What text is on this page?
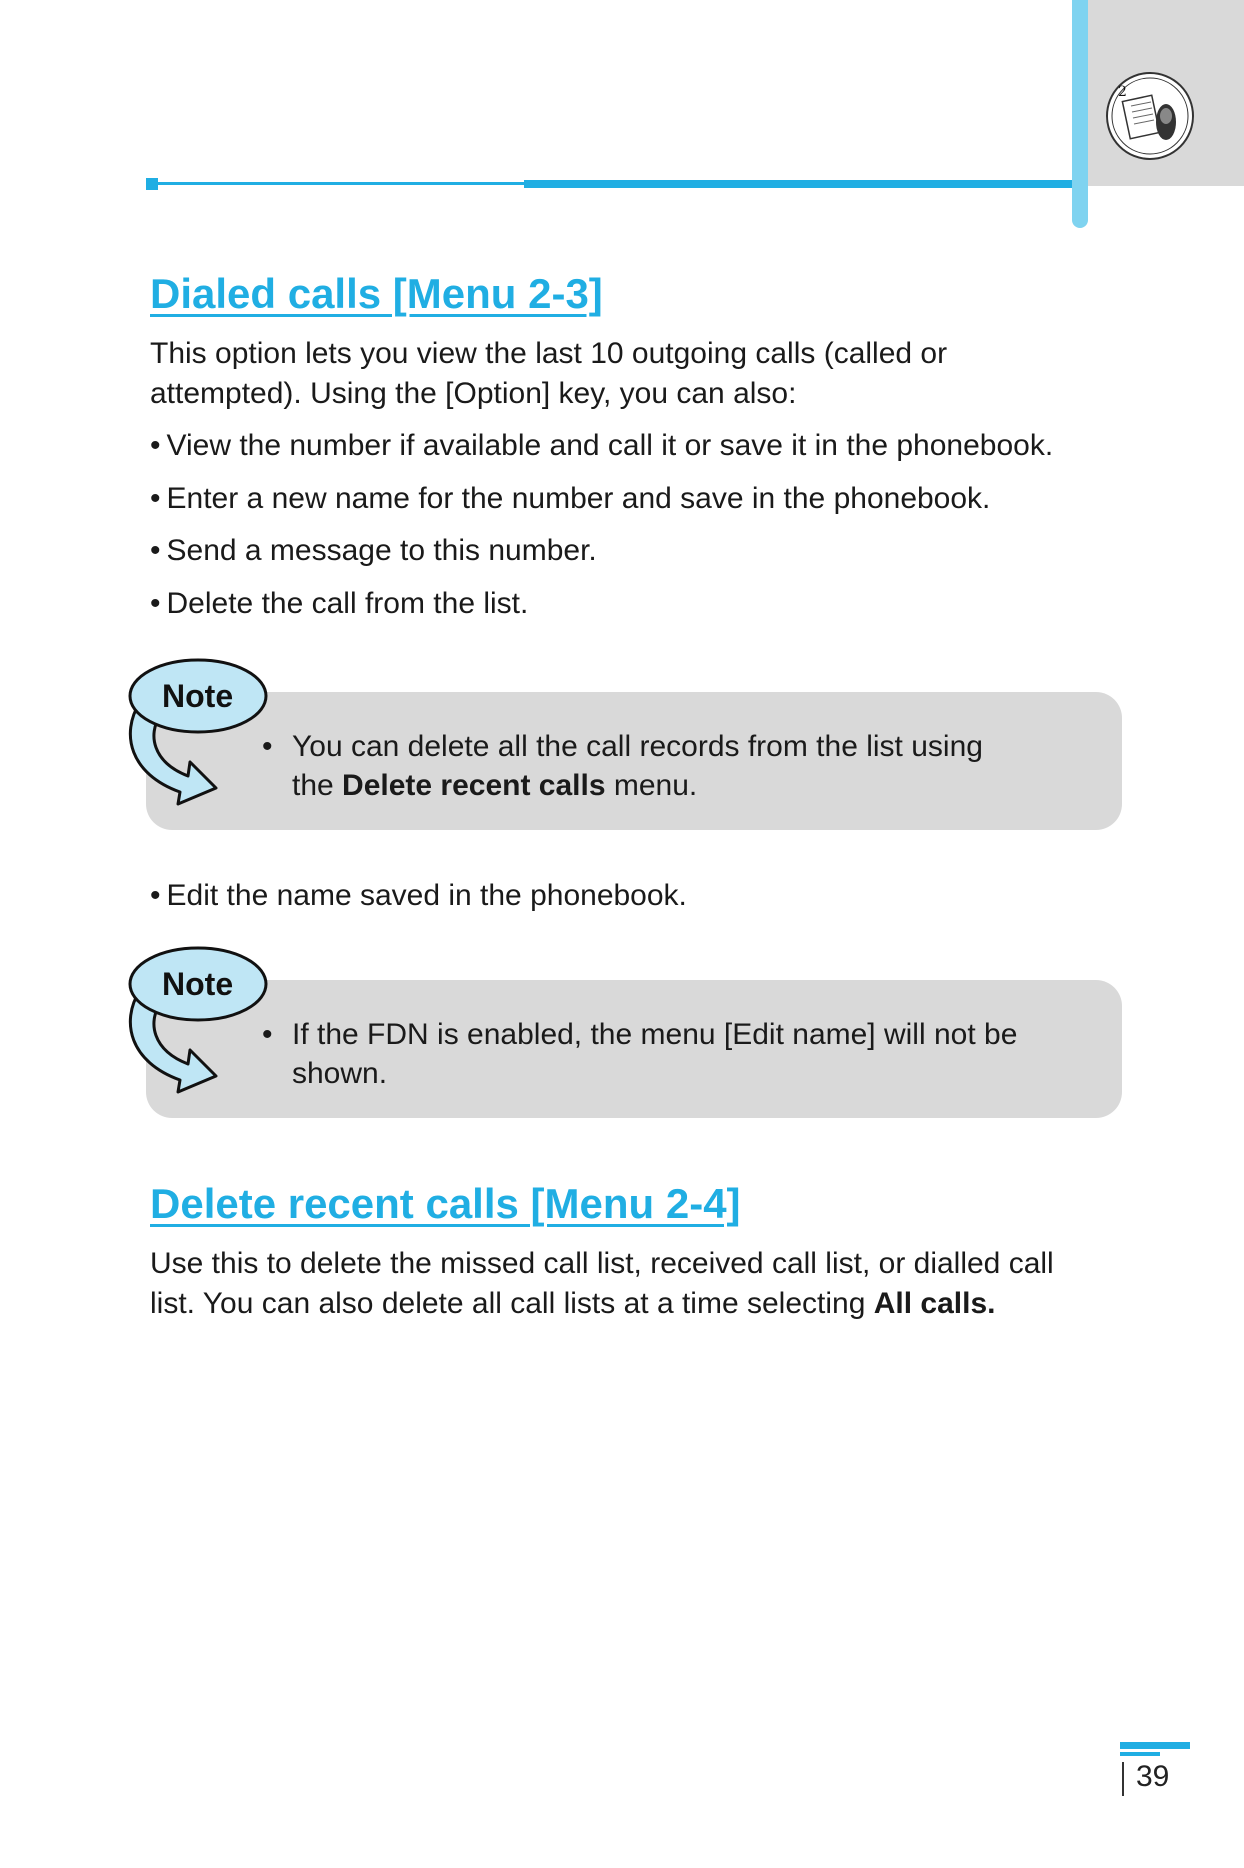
2
Dialed calls [Menu 2-3]

This option lets you view the last 10 outgoing calls (called or

attempted). Using the [Option] key, you can also:

• View the number if available and call it or save it in the phonebook.

• Enter a new name for the number and save in the phonebook.

• Send a message to this number.

• Delete the call from the list.

Note
• You can delete all the call records from the list using

the Delete recent calls menu.

• Edit the name saved in the phonebook.

Note
• If the FDN is enabled, the menu [Edit name] will not be

shown.

Delete recent calls [Menu 2-4]

Use this to delete the missed call list, received call list, or dialled call

list. You can also delete all call lists at a time selecting All calls.

39
